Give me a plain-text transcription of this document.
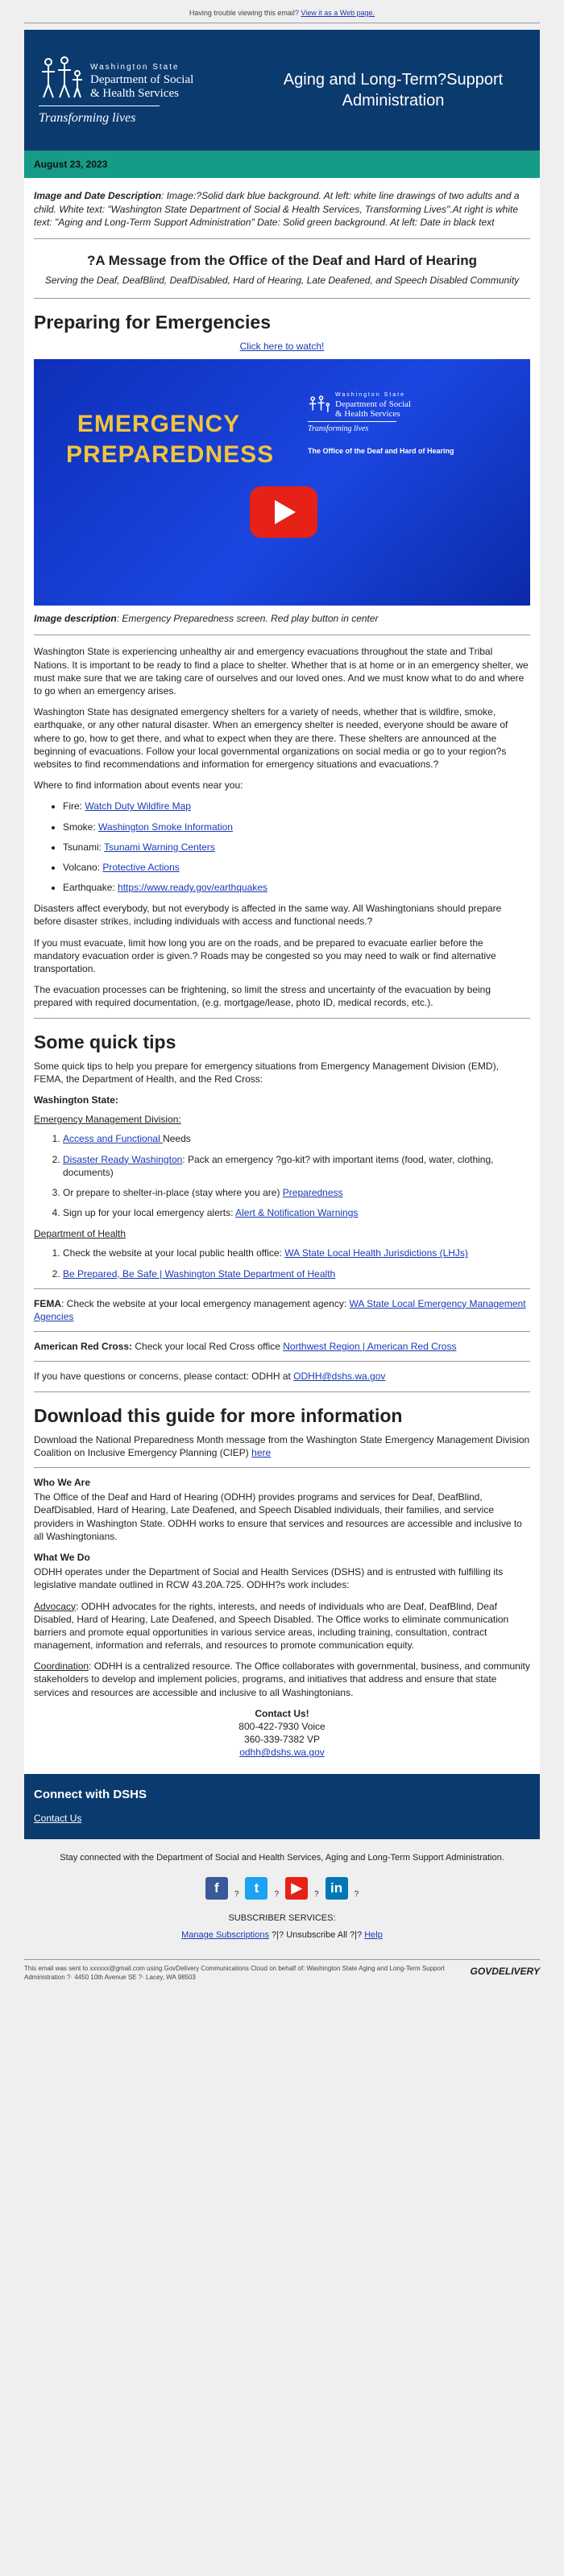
Having trouble viewing this email? View it as a Web page.
Washington State
Department of Social
& Health Services
Transforming lives
Aging and Long-Term?Support Administration
August 23, 2023
Image and Date Description: Image:?Solid dark blue background. At left: white line drawings of two adults and a child. White text: "Washington State Department of Social & Health Services, Transforming Lives".At right is white text: "Aging and Long-Term Support Administration" Date: Solid green background. At left: Date in black text
?A Message from the Office of the Deaf and Hard of Hearing
Serving the Deaf, DeafBlind, DeafDisabled, Hard of Hearing, Late Deafened, and Speech Disabled Community
Preparing for Emergencies
Click here to watch!
EMERGENCY
PREPAREDNESS
Washington State
Department of Social
& Health Services
Transforming lives
The Office of the Deaf and Hard of Hearing
Image description: Emergency Preparedness screen. Red play button in center

Washington State is experiencing unhealthy air and emergency evacuations throughout the state and Tribal Nations. It is important to be ready to find a place to shelter. Whether that is at home or in an emergency shelter, we must make sure that we are taking care of ourselves and our loved ones. And we must know what to do and where to go when an emergency arises.

Washington State has designated emergency shelters for a variety of needs, whether that is wildfire, smoke, earthquake, or any other natural disaster. When an emergency shelter is needed, everyone should be aware of where to go, how to get there, and what to expect when they are there. These shelters are announced at the beginning of evacuations. Follow your local governmental organizations on social media or go to your region?s websites to find recommendations and information for emergency situations and evacuations.?

Where to find information about events near you:

• Fire: Watch Duty Wildfire Map
• Smoke: Washington Smoke Information
• Tsunami: Tsunami Warning Centers
• Volcano: Protective Actions
• Earthquake: https://www.ready.gov/earthquakes

Disasters affect everybody, but not everybody is affected in the same way. All Washingtonians should prepare before disaster strikes, including individuals with access and functional needs.?

If you must evacuate, limit how long you are on the roads, and be prepared to evacuate earlier before the mandatory evacuation order is given.? Roads may be congested so you may need to walk or find alternative transportation.

The evacuation processes can be frightening, so limit the stress and uncertainty of the evacuation by being prepared with required documentation, (e.g. mortgage/lease, photo ID, medical records, etc.).

Some quick tips

Some quick tips to help you prepare for emergency situations from Emergency Management Division (EMD), FEMA, the Department of Health, and the Red Cross:

Washington State:
Emergency Management Division:
1. Access and Functional Needs
2. Disaster Ready Washington: Pack an emergency ?go-kit? with important items (food, water, clothing, documents)
3. Or prepare to shelter-in-place (stay where you are) Preparedness
4. Sign up for your local emergency alerts: Alert & Notification Warnings
Department of Health
1. Check the website at your local public health office: WA State Local Health Jurisdictions (LHJs)
2. Be Prepared, Be Safe | Washington State Department of Health

FEMA: Check the website at your local emergency management agency: WA State Local Emergency Management Agencies

American Red Cross: Check your local Red Cross office Northwest Region | American Red Cross

If you have questions or concerns, please contact: ODHH at ODHH@dshs.wa.gov

Download this guide for more information

Download the National Preparedness Month message from the Washington State Emergency Management Division Coalition on Inclusive Emergency Planning (CIEP) here

Who We Are

The Office of the Deaf and Hard of Hearing (ODHH) provides programs and services for Deaf, DeafBlind, DeafDisabled, Hard of Hearing, Late Deafened, and Speech Disabled individuals, their families, and service providers in Washington State. ODHH works to ensure that services and resources are accessible and inclusive to all Washingtonians.

What We Do

ODHH operates under the Department of Social and Health Services (DSHS) and is entrusted with fulfilling its legislative mandate outlined in RCW 43.20A.725. ODHH?s work includes:

Advocacy: ODHH advocates for the rights, interests, and needs of individuals who are Deaf, DeafBlind, Deaf Disabled, Hard of Hearing, Late Deafened, and Speech Disabled. The Office works to eliminate communication barriers and promote equal opportunities in various service areas, including training, consultation, contract management, information and referrals, and resources to promote communication equity.

Coordination: ODHH is a centralized resource. The Office collaborates with governmental, business, and community stakeholders to develop and implement policies, programs, and initiatives that address and ensure that state services and resources are accessible and inclusive to all Washingtonians.

Contact Us!
800-422-7930 Voice
360-339-7382 VP
odhh@dshs.wa.gov
Connect with DSHS
Contact Us
Stay connected with the Department of Social and Health Services, Aging and Long-Term Support Administration.
f	?	t	? ▶	? in	?
SUBSCRIBER SERVICES:
Manage Subscriptions ?|? Unsubscribe All ?|? Help
This email was sent to xxxxxx@gmail.com using GovDelivery Communications Cloud on behalf of: Washington State Aging and Long-Term Support Administration ?· 4450 10th Avenue SE ?· Lacey, WA 98503
GOVDELIVERY
